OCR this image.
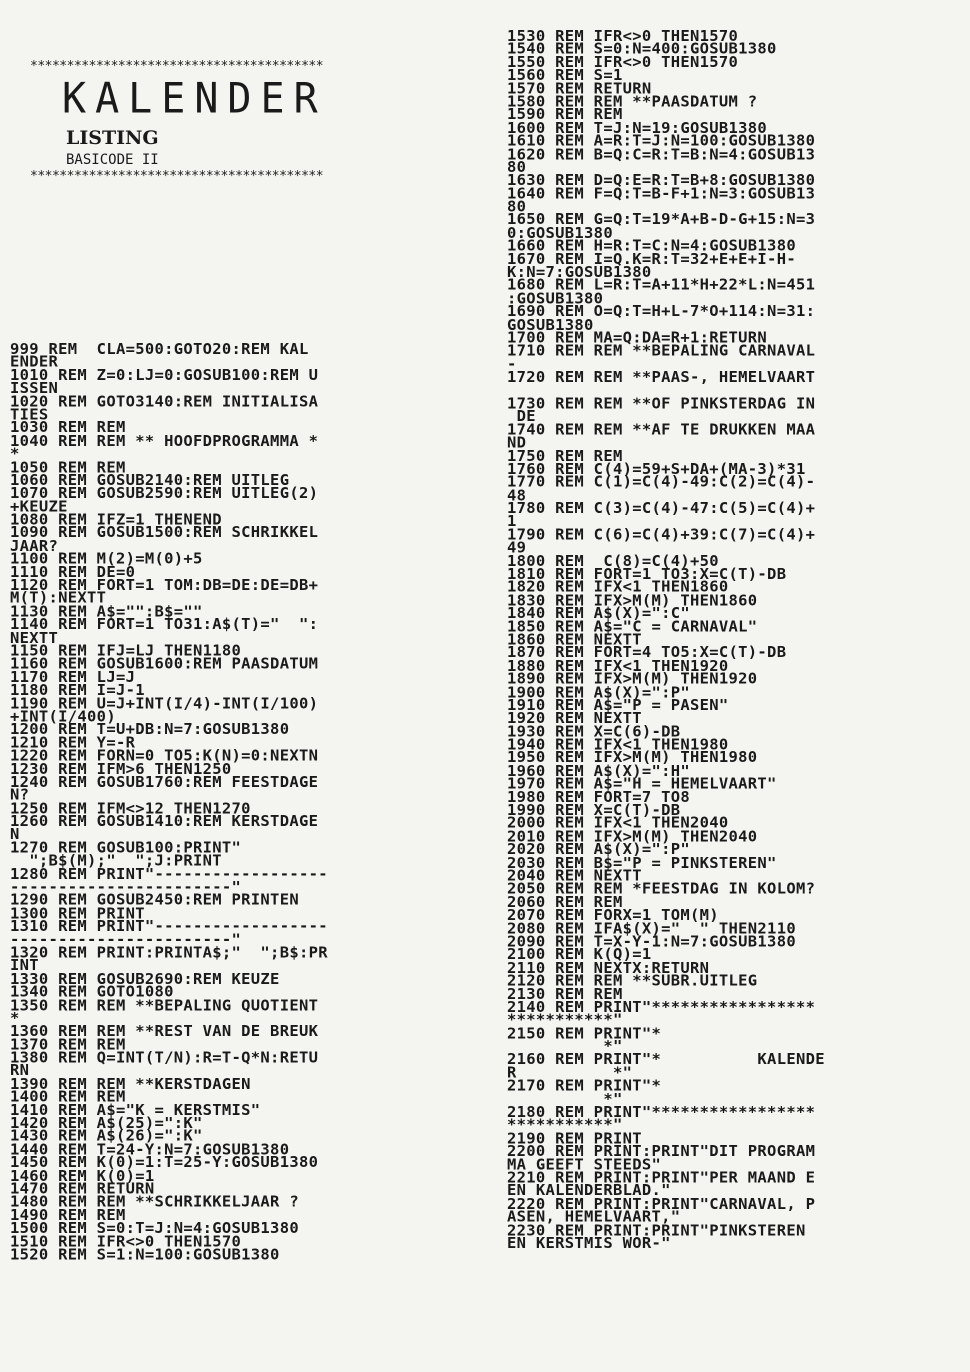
****************************************
KALENDER
LISTING
BASICODE II
****************************************
999 REM  CLA=500:GOTO20:REM KAL
ENDER
1010 REM Z=0:LJ=0:GOSUB100:REM U
ISSEN
1020 REM GOTO3140:REM INITIALISA
TIES
1030 REM REM
1040 REM REM ** HOOFDPROGRAMMA *
*
1050 REM REM
1060 REM GOSUB2140:REM UITLEG
1070 REM GOSUB2590:REM UITLEG(2)
+KEUZE
1080 REM IFZ=1 THENEND
1090 REM GOSUB1500:REM SCHRIKKEL
JAAR?
1100 REM M(2)=M(0)+5
1110 REM DE=0
1120 REM FORT=1 TOM:DB=DE:DE=DB+
M(T):NEXTT
1130 REM A$="":B$=""
1140 REM FORT=1 TO31:A$(T)="  ":
NEXTT
1150 REM IFJ=LJ THEN1180
1160 REM GOSUB1600:REM PAASDATUM
1170 REM LJ=J
1180 REM I=J-1
1190 REM U=J+INT(I/4)-INT(I/100)
+INT(I/400)
1200 REM T=U+DB:N=7:GOSUB1380
1210 REM Y=-R
1220 REM FORN=0 TO5:K(N)=0:NEXTN
1230 REM IFM>6 THEN1250
1240 REM GOSUB1760:REM FEESTDAGE
N?
1250 REM IFM<>12 THEN1270
1260 REM GOSUB1410:REM KERSTDAGE
N
1270 REM GOSUB100:PRINT"
";B$(M);"  ";J:PRINT
1280 REM PRINT"------------------
-----------------------"
1290 REM GOSUB2450:REM PRINTEN
1300 REM PRINT
1310 REM PRINT"------------------
-----------------------"
1320 REM PRINT:PRINTA$;"  ";B$:PR
INT
1330 REM GOSUB2690:REM KEUZE
1340 REM GOTO1080
1350 REM REM **BEPALING QUOTIENT
*
1360 REM REM **REST VAN DE BREUK
1370 REM REM
1380 REM Q=INT(T/N):R=T-Q*N:RETU
RN
1390 REM REM **KERSTDAGEN
1400 REM REM
1410 REM A$="K = KERSTMIS"
1420 REM A$(25)=":K"
1430 REM A$(26)=":K"
1440 REM T=24-Y:N=7:GOSUB1380
1450 REM K(0)=1:T=25-Y:GOSUB1380
1460 REM K(0)=1
1470 REM RETURN
1480 REM REM **SCHRIKKELJAAR ?
1490 REM REM
1500 REM S=0:T=J:N=4:GOSUB1380
1510 REM IFR<>0 THEN1570
1520 REM S=1:N=100:GOSUB1380
1530 REM IFR<>0 THEN1570
1540 REM S=0:N=400:GOSUB1380
1550 REM IFR<>0 THEN1570
1560 REM S=1
1570 REM RETURN
1580 REM REM **PAASDATUM ?
1590 REM REM
1600 REM T=J:N=19:GOSUB1380
1610 REM A=R:T=J:N=100:GOSUB1380
1620 REM B=Q:C=R:T=B:N=4:GOSUB13
80
1630 REM D=Q:E=R:T=B+8:GOSUB1380
1640 REM F=Q:T=B-F+1:N=3:GOSUB13
80
1650 REM G=Q:T=19*A+B-D-G+15:N=3
0:GOSUB1380
1660 REM H=R:T=C:N=4:GOSUB1380
1670 REM I=Q.K=R:T=32+E+E+I-H-
K:N=7:GOSUB1380
1680 REM L=R:T=A+11*H+22*L:N=451
:GOSUB1380
1690 REM O=Q:T=H+L-7*O+114:N=31:
GOSUB1380
1700 REM MA=Q:DA=R+1:RETURN
1710 REM REM **BEPALING CARNAVAL
-
1720 REM REM **PAAS-, HEMELVAART
1730 REM REM **OF PINKSTERDAG IN
DE
1740 REM REM **AF TE DRUKKEN MAA
ND
1750 REM REM
1760 REM C(4)=59+S+DA+(MA-3)*31
1770 REM C(1)=C(4)-49:C(2)=C(4)-
48
1780 REM C(3)=C(4)-47:C(5)=C(4)+
1
1790 REM C(6)=C(4)+39:C(7)=C(4)+
49
1800 REM  C(8)=C(4)+50
1810 REM FORT=1 TO3:X=C(T)-DB
1820 REM IFX<1 THEN1860
1830 REM IFX>M(M) THEN1860
1840 REM A$(X)=":C"
1850 REM A$="C = CARNAVAL"
1860 REM NEXTT
1870 REM FORT=4 TO5:X=C(T)-DB
1880 REM IFX<1 THEN1920
1890 REM IFX>M(M) THEN1920
1900 REM A$(X)=":P"
1910 REM A$="P = PASEN"
1920 REM NEXTT
1930 REM X=C(6)-DB
1940 REM IFX<1 THEN1980
1950 REM IFX>M(M) THEN1980
1960 REM A$(X)=":H"
1970 REM A$="H = HEMELVAART"
1980 REM FORT=7 TO8
1990 REM X=C(T)-DB
2000 REM IFX<1 THEN2040
2010 REM IFX>M(M) THEN2040
2020 REM A$(X)=":P"
2030 REM B$="P = PINKSTEREN"
2040 REM NEXTT
2050 REM REM *FEESTDAG IN KOLOM?
2060 REM REM
2070 REM FORX=1 TOM(M)
2080 REM IFA$(X)="  " THEN2110
2090 REM T=X-Y-1:N=7:GOSUB1380
2100 REM K(Q)=1
2110 REM NEXTX:RETURN
2120 REM REM **SUBR.UITLEG
2130 REM REM
2140 REM PRINT"*****************
***********"
2150 REM PRINT"*
*"
2160 REM PRINT"*          KALENDE
R          *"
2170 REM PRINT"*
*"
2180 REM PRINT"*****************
***********"
2190 REM PRINT
2200 REM PRINT:PRINT"DIT PROGRAM
MA GEEFT STEEDS"
2210 REM PRINT:PRINT"PER MAAND E
EN KALENDERBLAD."
2220 REM PRINT:PRINT"CARNAVAL, P
ASEN, HEMELVAART,"
2230 REM PRINT:PRINT"PINKSTEREN
EN KERSTMIS WOR-"
